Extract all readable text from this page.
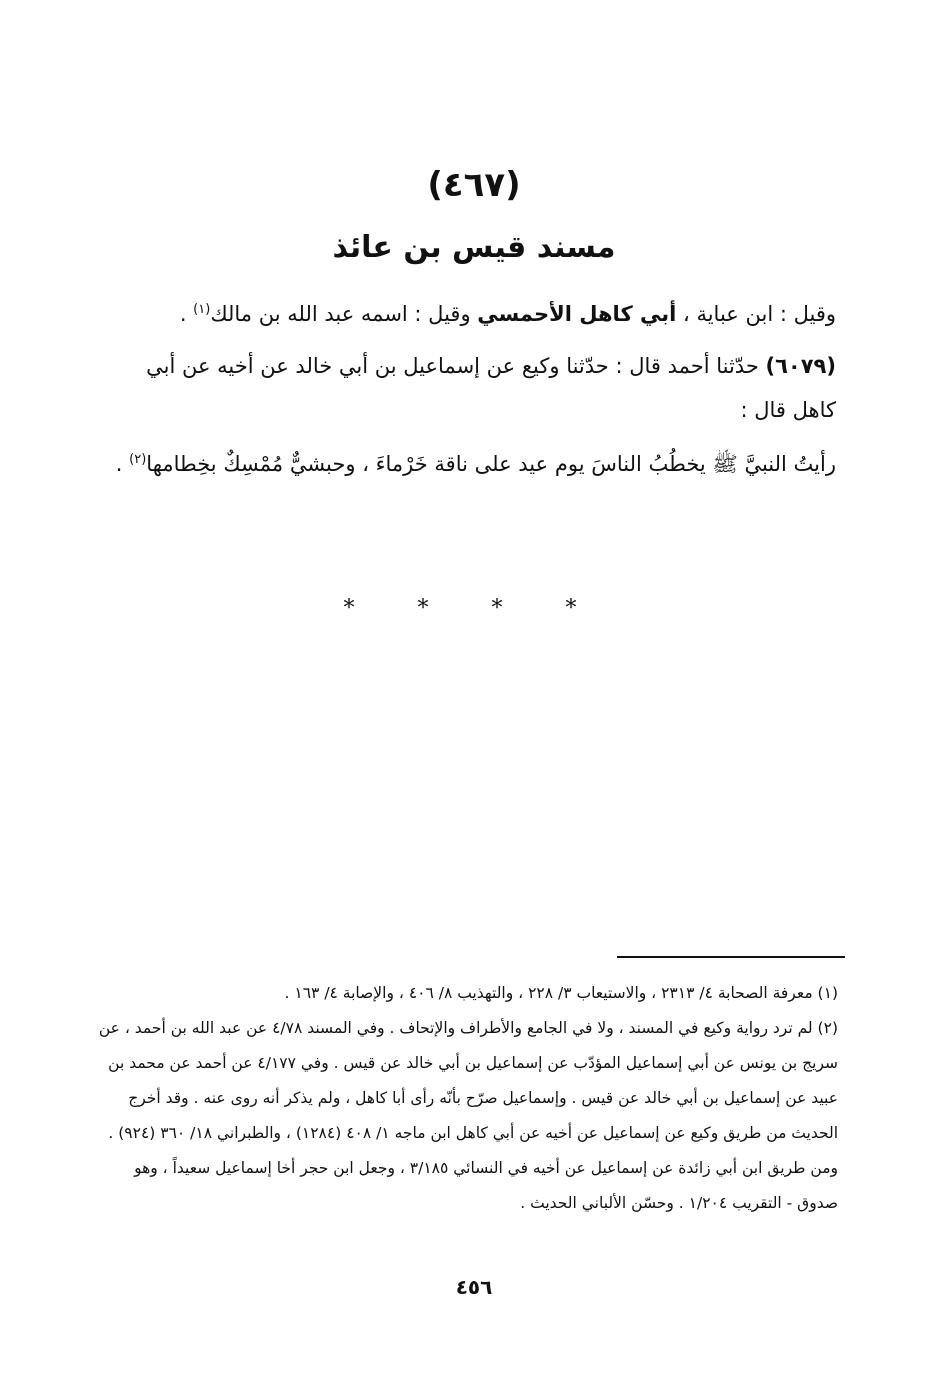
(٤٦٧)
مسند قيس بن عائذ
وقيل : ابن عباية ، أبي كاهل الأحمسي وقيل : اسمه عبد الله بن مالك$^{(١)}$ .
(٦٠٧٩) حدّثنا أحمد قال : حدّثنا وكيع عن إسماعيل بن أبي خالد عن أخيه عن أبي كاهل قال :
رأيتُ النبيَّ ﷺ يخطُبُ الناسَ يوم عيد على ناقة خَرْماءَ ، وحبشيٌّ مُمْسِكٌ بخِطامها$^{(٢)}$ .
* * * *

(١) معرفة الصحابة ٤/ ٢٣١٣ ، والاستيعاب ٣/ ٢٢٨ ، والتهذيب ٨/ ٤٠٦ ، والإصابة ٤/ ١٦٣ .

(٢) لم ترد رواية وكيع في المسند ، ولا في الجامع والأطراف والإتحاف . وفي المسند ٤/٧٨ عن عبد الله بن أحمد ، عن سريج بن يونس عن أبي إسماعيل المؤدّب عن إسماعيل بن أبي خالد عن قيس . وفي ٤/١٧٧ عن أحمد عن محمد بن عبيد عن إسماعيل بن أبي خالد عن قيس . وإسماعيل صرّح بأنّه رأى أبا كاهل ، ولم يذكر أنه روى عنه . وقد أخرج الحديث من طريق وكيع عن إسماعيل عن أخيه عن أبي كاهل ابن ماجه ١/ ٤٠٨ (١٢٨٤) ، والطبراني ١٨/ ٣٦٠ (٩٢٤) . ومن طريق ابن أبي زائدة عن إسماعيل عن أخيه في النسائي ٣/١٨٥ ، وجعل ابن حجر أخا إسماعيل سعيداً ، وهو صدوق - التقريب ١/٢٠٤ . وحسّن الألباني الحديث .

٤٥٦
